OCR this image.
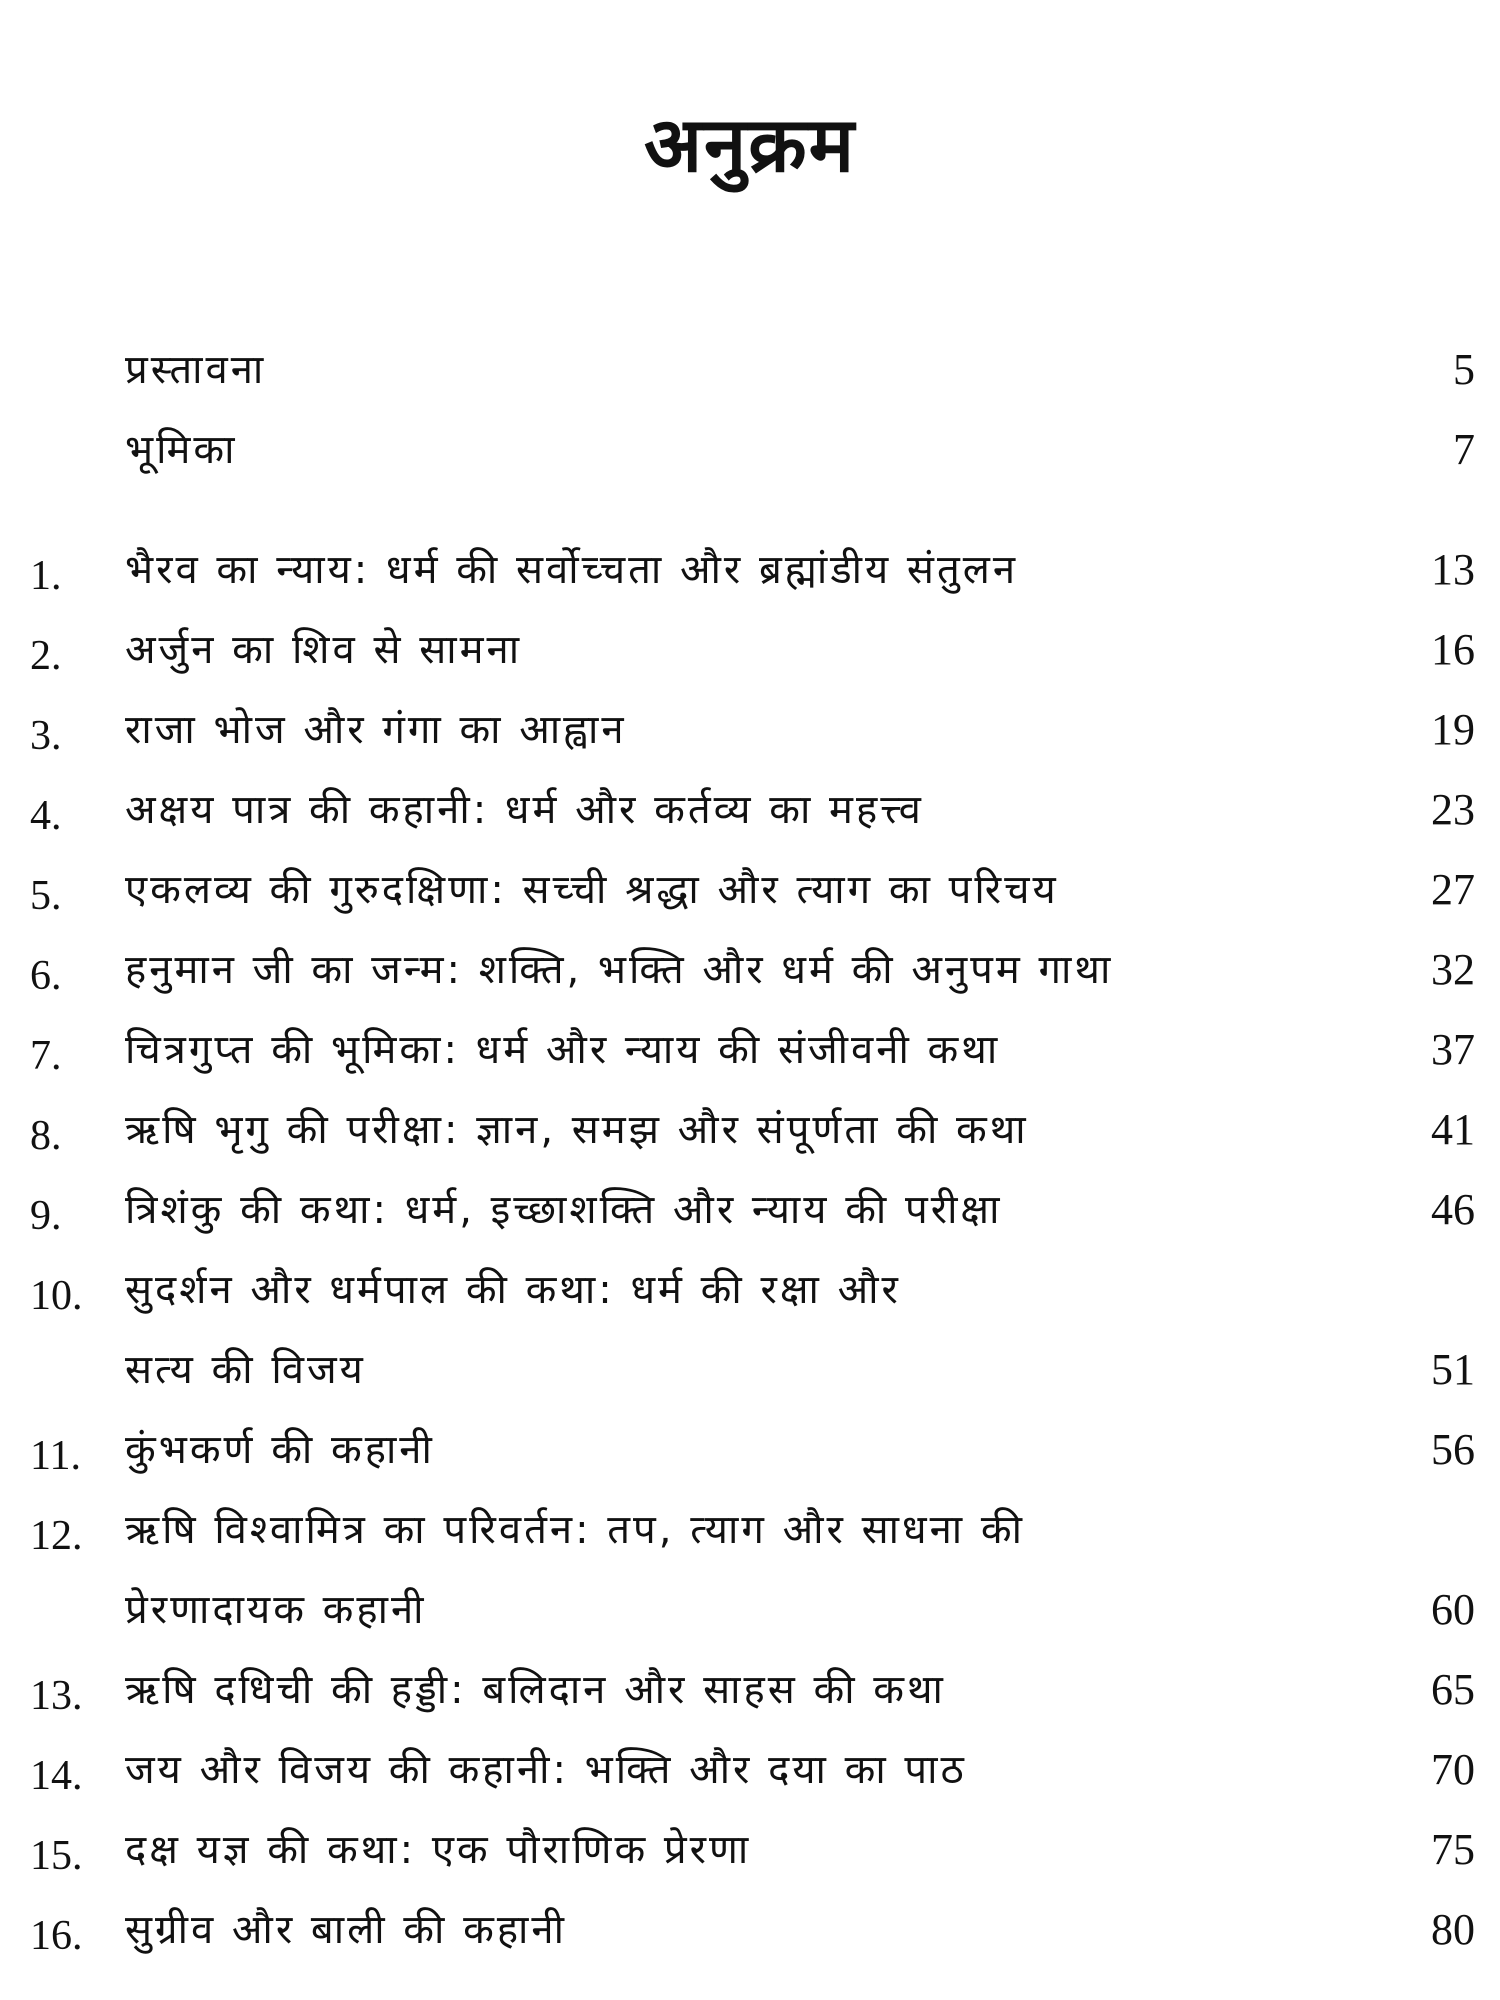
अनुक्रम
प्रस्तावना	5
भूमिका	7
1.	भैरव का न्याय: धर्म की सर्वोच्चता और ब्रह्मांडीय संतुलन	13
2.	अर्जुन का शिव से सामना	16
3.	राजा भोज और गंगा का आह्वान	19
4.	अक्षय पात्र की कहानी: धर्म और कर्तव्य का महत्त्व	23
5.	एकलव्य की गुरुदक्षिणा: सच्ची श्रद्धा और त्याग का परिचय	27
6.	हनुमान जी का जन्म: शक्ति, भक्ति और धर्म की अनुपम गाथा	32
7.	चित्रगुप्त की भूमिका: धर्म और न्याय की संजीवनी कथा	37
8.	ऋषि भृगु की परीक्षा: ज्ञान, समझ और संपूर्णता की कथा	41
9.	त्रिशंकु की कथा: धर्म, इच्छाशक्ति और न्याय की परीक्षा	46
10.	सुदर्शन और धर्मपाल की कथा: धर्म की रक्षा और
सत्य की विजय	51
11.	कुंभकर्ण की कहानी	56
12.	ऋषि विश्वामित्र का परिवर्तन: तप, त्याग और साधना की
प्रेरणादायक कहानी	60
13.	ऋषि दधिची की हड्डी: बलिदान और साहस की कथा	65
14.	जय और विजय की कहानी: भक्ति और दया का पाठ	70
15.	दक्ष यज्ञ की कथा: एक पौराणिक प्रेरणा	75
16.	सुग्रीव और बाली की कहानी	80
